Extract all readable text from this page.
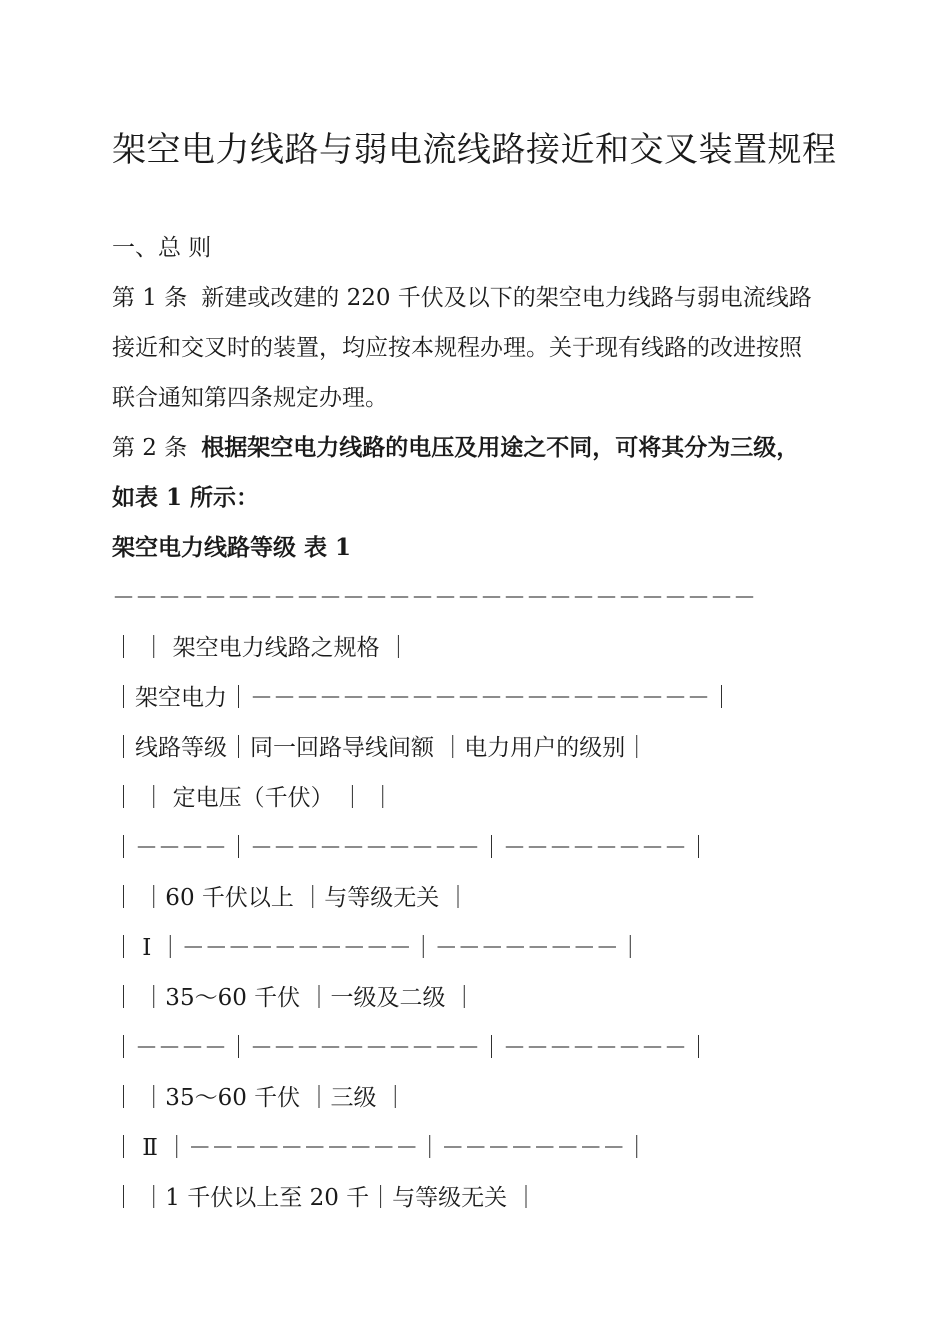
架空电力线路与弱电流线路接近和交叉装置规程
一、总 则
第 1 条 新建或改建的 220 千伏及以下的架空电力线路与弱电流线路
接近和交叉时的装置，均应按本规程办理。关于现有线路的改进按照
联合通知第四条规定办理。
第 2 条 根据架空电力线路的电压及用途之不同，可将其分为三级，
如表 1 所示：
架空电力线路等级 表 1
－－－－－－－－－－－－－－－－－－－－－－－－－－－－
｜ ｜ 架空电力线路之规格 ｜
｜架空电力｜－－－－－－－－－－－－－－－－－－－－｜
｜线路等级｜同一回路导线间额 ｜电力用户的级别｜
｜ ｜ 定电压（千伏） ｜ ｜
｜－－－－｜－－－－－－－－－－｜－－－－－－－－｜
｜ ｜60 千伏以上 ｜与等级无关 ｜
｜ Ⅰ ｜－－－－－－－－－－｜－－－－－－－－｜
｜ ｜35～60 千伏 ｜一级及二级 ｜
｜－－－－｜－－－－－－－－－－｜－－－－－－－－｜
｜ ｜35～60 千伏 ｜三级 ｜
｜ Ⅱ ｜－－－－－－－－－－｜－－－－－－－－｜
｜ ｜1 千伏以上至 20 千｜与等级无关 ｜
